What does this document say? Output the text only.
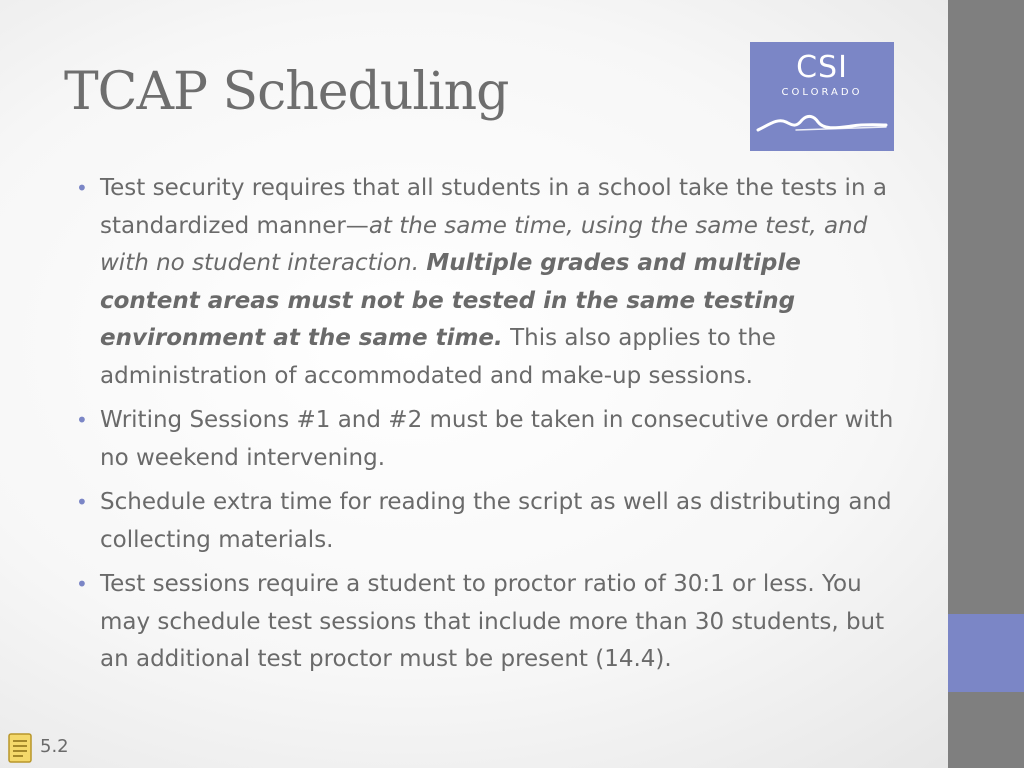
TCAP Scheduling	CSI
COLORADO
• Test security requires that all students in a school take the tests in a standardized manner—at the same time, using the same test, and with no student interaction. Multiple grades and multiple content areas must not be tested in the same testing environment at the same time. This also applies to the administration of accommodated and make-up sessions.
• Writing Sessions #1 and #2 must be taken in consecutive order with no weekend intervening.
• Schedule extra time for reading the script as well as distributing and collecting materials.
• Test sessions require a student to proctor ratio of 30:1 or less. You may schedule test sessions that include more than 30 students, but an additional test proctor must be present (14.4).
5.2
